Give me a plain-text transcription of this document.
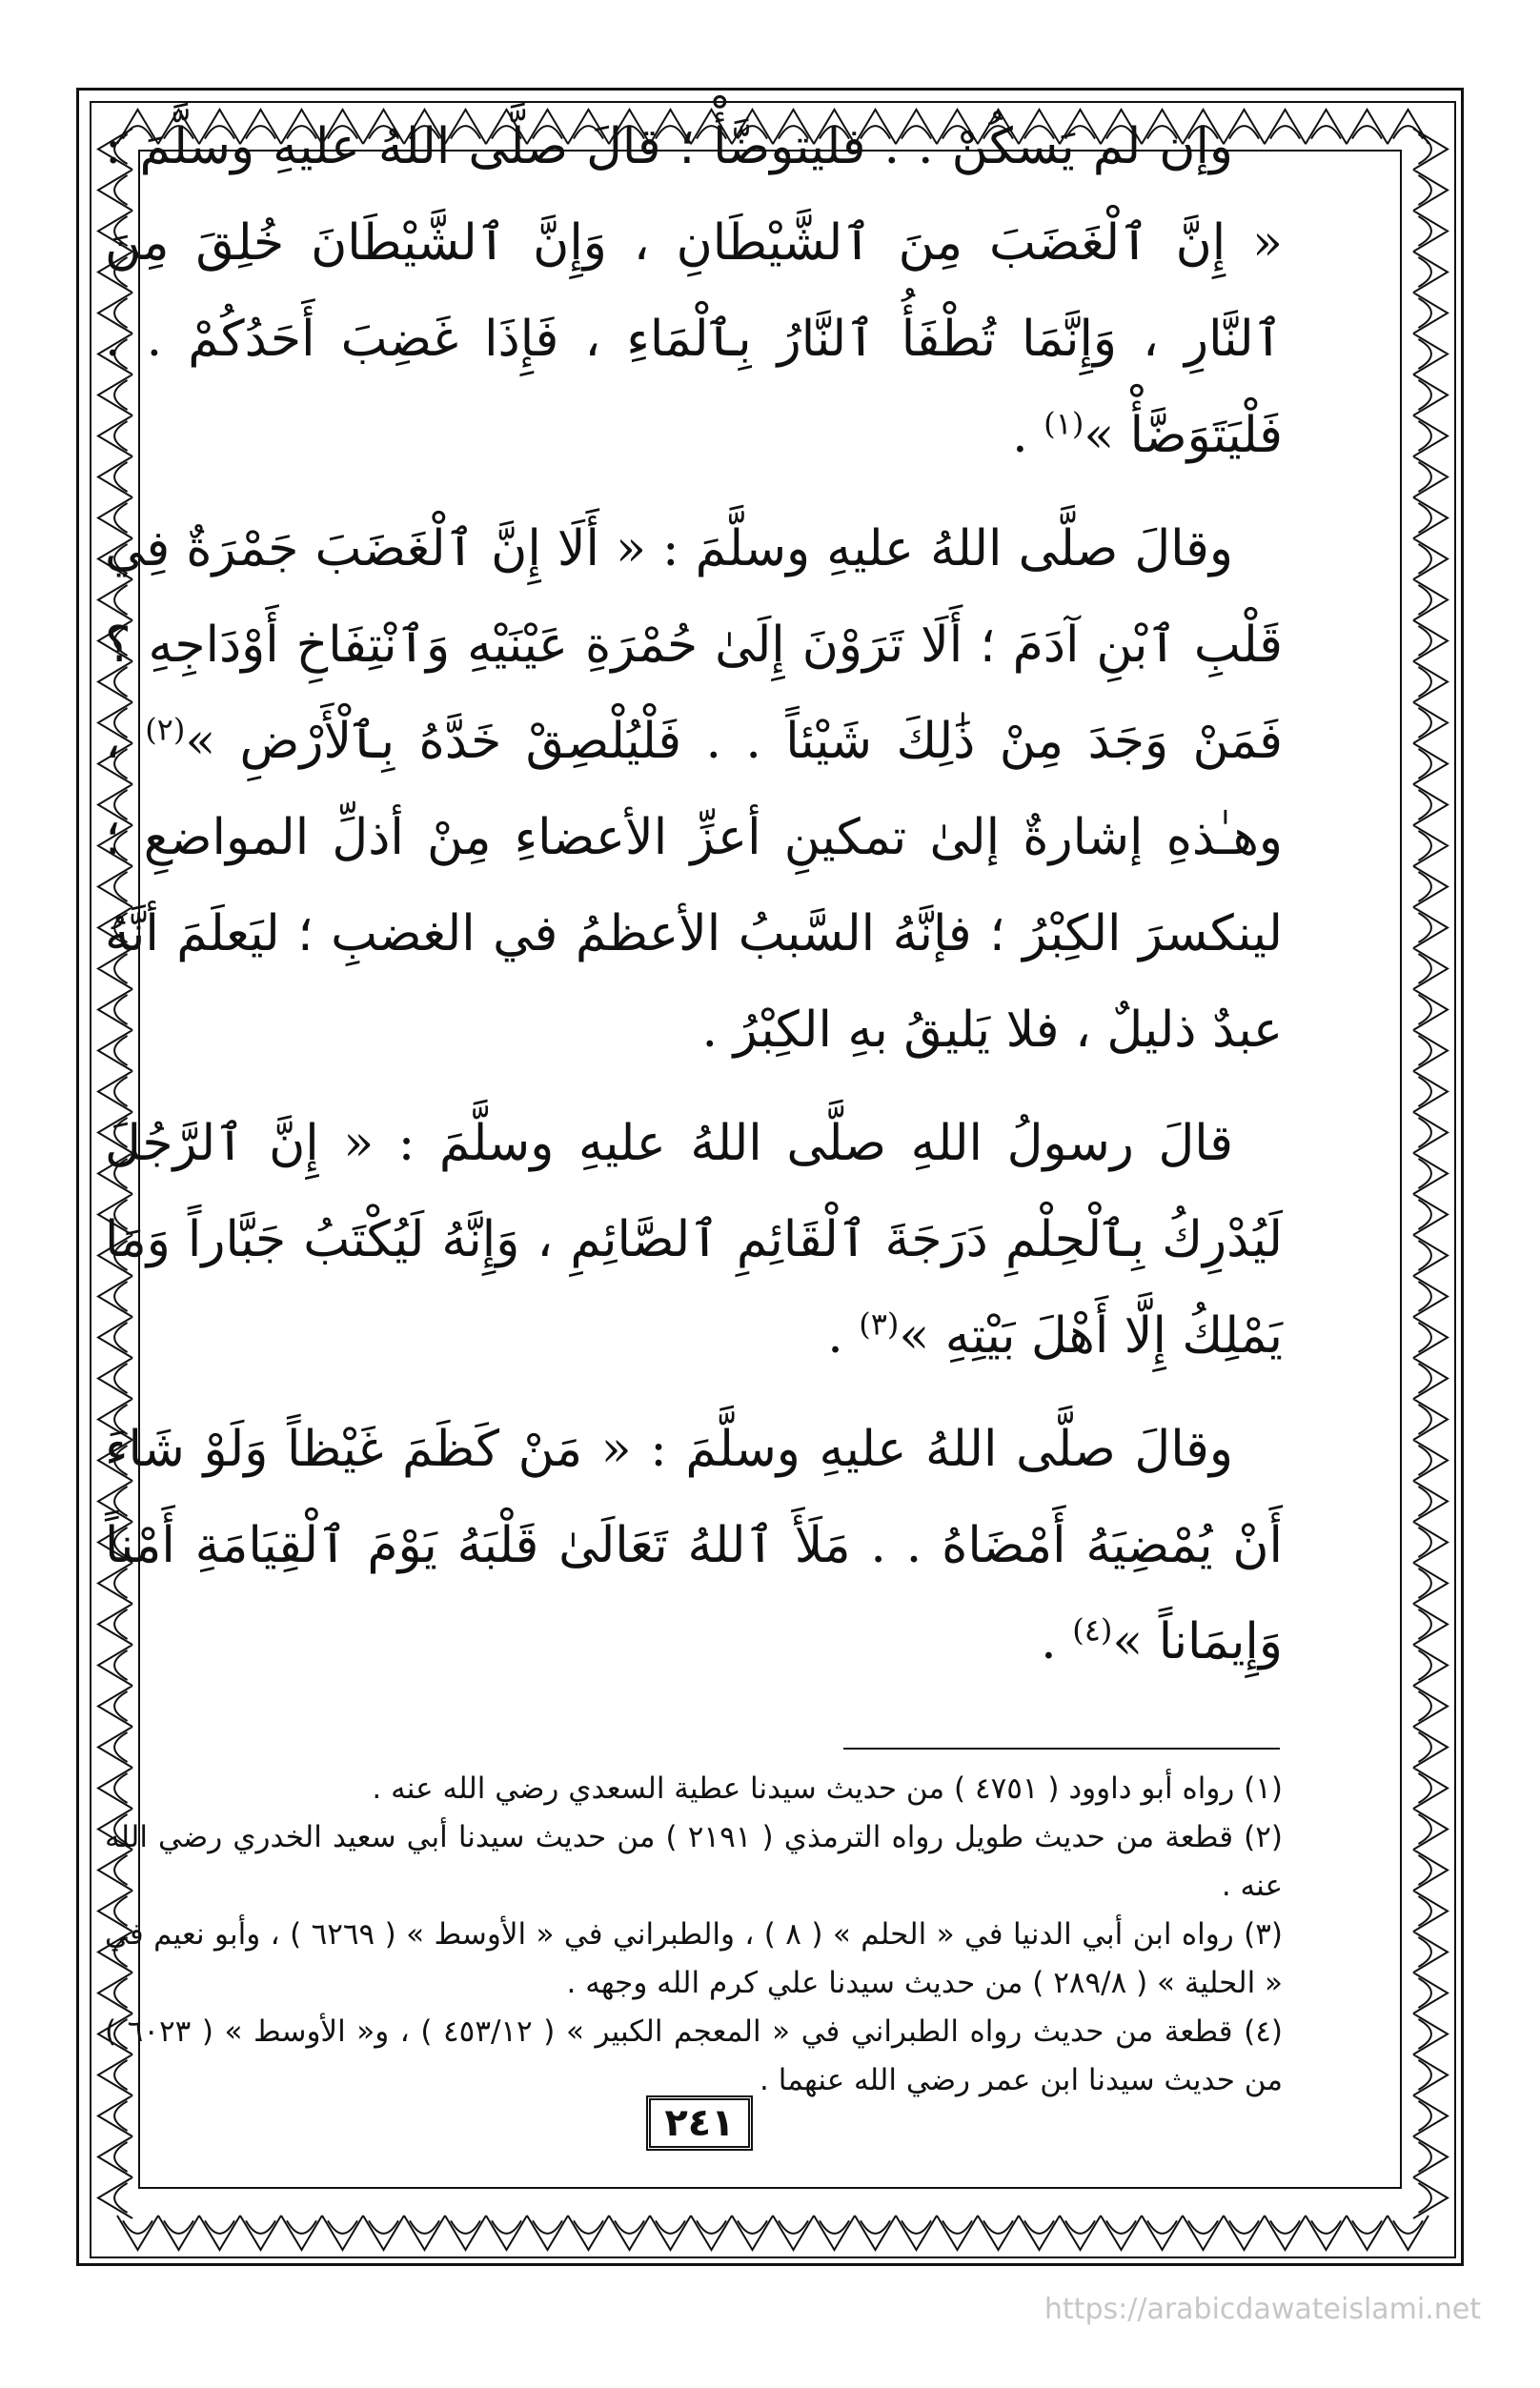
وإن لم يَسكُنْ . . فليتوضَّأْ ؛ قالَ صلَّى اللهُ عليهِ وسلَّمَ : « إِنَّ ٱلْغَضَبَ مِنَ ٱلشَّيْطَانِ ، وَإِنَّ ٱلشَّيْطَانَ خُلِقَ مِنَ ٱلنَّارِ ، وَإِنَّمَا تُطْفَأُ ٱلنَّارُ بِٱلْمَاءِ ، فَإِذَا غَضِبَ أَحَدُكُمْ . . فَلْيَتَوَضَّأْ »$^{(١)}$ .

وقالَ صلَّى اللهُ عليهِ وسلَّمَ : « أَلَا إِنَّ ٱلْغَضَبَ جَمْرَةٌ فِي قَلْبِ ٱبْنِ آدَمَ ؛ أَلَا تَرَوْنَ إِلَىٰ حُمْرَةِ عَيْنَيْهِ وَٱنْتِفَاخِ أَوْدَاجِهِ ؟ فَمَنْ وَجَدَ مِنْ ذَٰلِكَ شَيْئاً . . فَلْيُلْصِقْ خَدَّهُ بِٱلْأَرْضِ »$^{(٢)}$ ، وهـٰذهِ إشارةٌ إلىٰ تمكينِ أعزِّ الأعضاءِ مِنْ أذلِّ المواضعِ ؛ لينكسرَ الكِبْرُ ؛ فإنَّهُ السَّببُ الأعظمُ في الغضبِ ؛ ليَعلَمَ أنَّهُ عبدٌ ذليلٌ ، فلا يَليقُ بهِ الكِبْرُ .

قالَ رسولُ اللهِ صلَّى اللهُ عليهِ وسلَّمَ : « إِنَّ ٱلرَّجُلَ لَيُدْرِكُ بِٱلْحِلْمِ دَرَجَةَ ٱلْقَائِمِ ٱلصَّائِمِ ، وَإِنَّهُ لَيُكْتَبُ جَبَّاراً وَمَا يَمْلِكُ إِلَّا أَهْلَ بَيْتِهِ »$^{(٣)}$ .

وقالَ صلَّى اللهُ عليهِ وسلَّمَ : « مَنْ كَظَمَ غَيْظاً وَلَوْ شَاءَ أَنْ يُمْضِيَهُ أَمْضَاهُ . . مَلَأَ ٱللهُ تَعَالَىٰ قَلْبَهُ يَوْمَ ٱلْقِيَامَةِ أَمْناً وَإِيمَاناً »$^{(٤)}$ .

(١) رواه أبو داوود ( ٤٧٥١ ) من حديث سيدنا عطية السعدي رضي الله عنه .

(٢) قطعة من حديث طويل رواه الترمذي ( ٢١٩١ ) من حديث سيدنا أبي سعيد الخدري رضي الله عنه .

(٣) رواه ابن أبي الدنيا في « الحلم » ( ٨ ) ، والطبراني في « الأوسط » ( ٦٢٦٩ ) ، وأبو نعيم في « الحلية » ( ٢٨٩/٨ ) من حديث سيدنا علي كرم الله وجهه .

(٤) قطعة من حديث رواه الطبراني في « المعجم الكبير » ( ٤٥٣/١٢ ) ، و« الأوسط » ( ٦٠٢٣ ) من حديث سيدنا ابن عمر رضي الله عنهما .

٢٤١
https://arabicdawateislami.net
